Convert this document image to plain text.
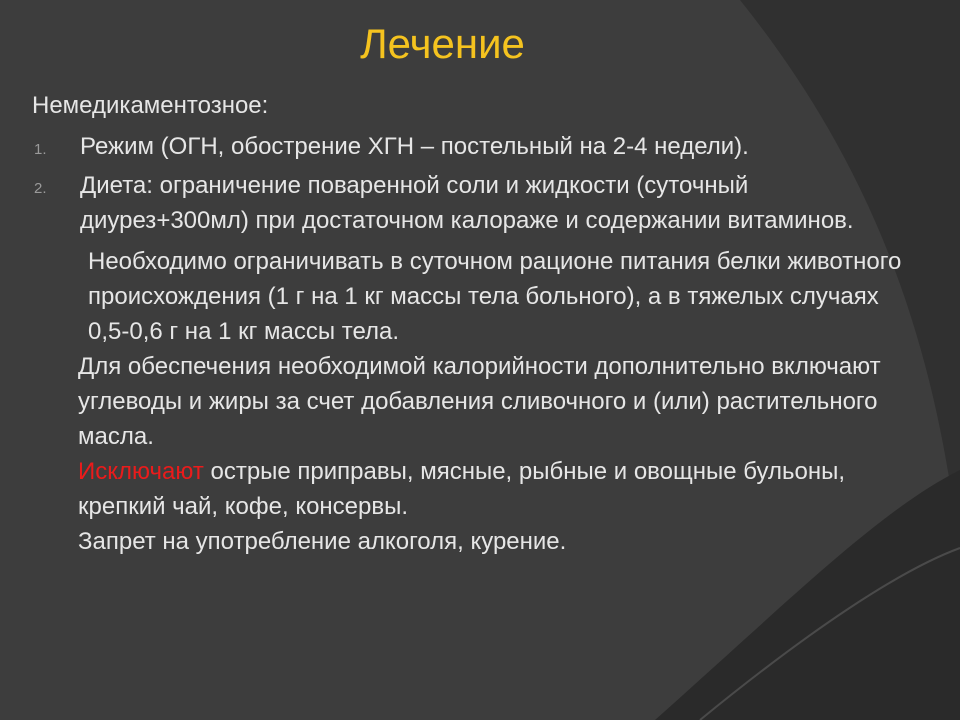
Лечение
Немедикаментозное:
1. Режим (ОГН, обострение ХГН – постельный на 2-4 недели).
2. Диета: ограничение поваренной соли и жидкости (суточный диурез+300мл) при достаточном калораже и содержании витаминов.
Необходимо ограничивать в суточном рационе питания белки животного происхождения (1 г на 1 кг массы тела больного), а в тяжелых случаях 0,5-0,6 г на 1 кг массы тела.
Для обеспечения необходимой калорийности дополнительно включают углеводы и жиры за счет добавления сливочного и (или) растительного масла.
Исключают острые приправы, мясные, рыбные и овощные бульоны, крепкий чай, кофе, консервы.
Запрет на употребление алкоголя, курение.
